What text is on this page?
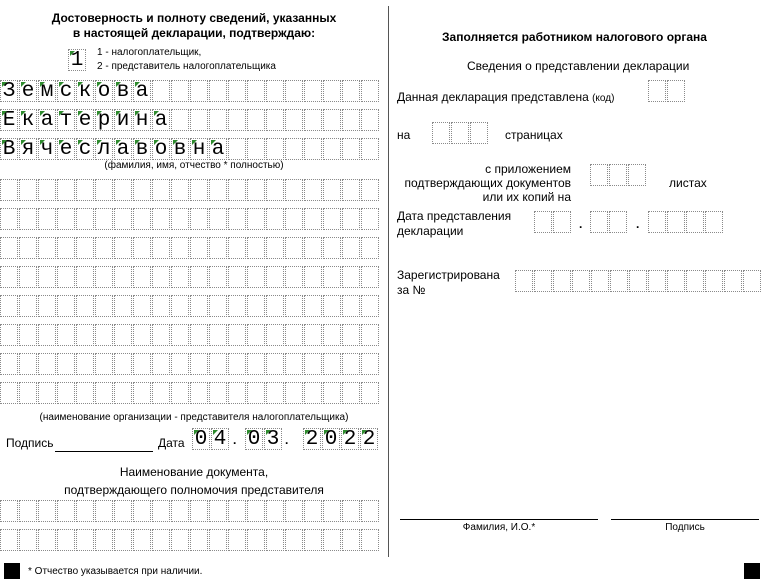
Достоверность и полноту сведений, указанных
в настоящей декларации, подтверждаю:
1 1 - налогоплательщик,
2 - представитель налогоплательщика
З е м с к о в а
Е к а т е р и н а
В я ч е с л а в о в н а
(фамилия, имя, отчество * полностью)
(наименование организации - представителя налогоплательщика)
Подпись	Дата 0 4 . 0 3 . 2 0 2 2
Наименование документа,
подтверждающего полномочия представителя
* Отчество указывается при наличии.
Заполняется работником налогового органа
Сведения о представлении декларации
Данная декларация представлена (код)
на	страницах
с приложением
подтверждающих документов
или их копий на
листах
Дата представления
декларации	.	.
Зарегистрирована
за №
Фамилия, И.О.*	Подпись
